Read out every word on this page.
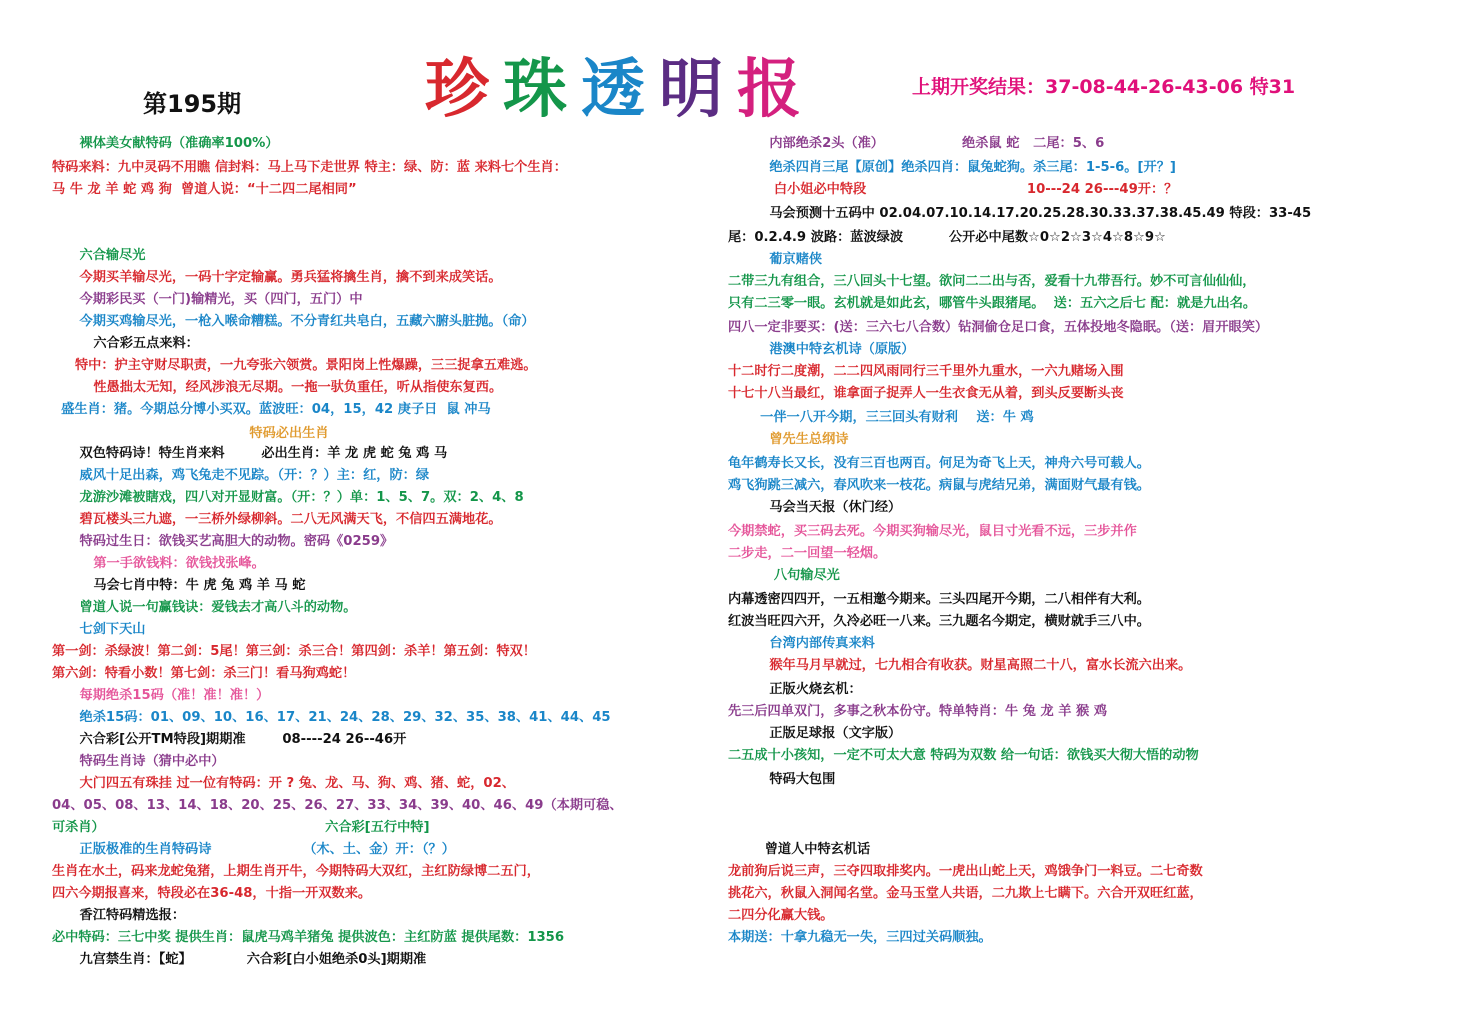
珍 珠 透 明 报
第195期
上期开奖结果：37-08-44-26-43-06 特31
裸体美女献特码（准确率100%）
特码来料：九中灵码不用瞧 信封料：马上马下走世界 特主：绿、防：蓝 来料七个生肖：
马 牛 龙 羊 蛇 鸡 狗  曾道人说：“十二四二尾相同”
六合输尽光
今期买羊输尽光，一码十字定输赢。勇兵猛将擒生肖，擒不到来成笑话。
今期彩民买（一门)输精光，买（四门，五门）中
今期买鸡输尽光，一枪入喉命糟糕。不分青红共皂白，五藏六腑头脏抛。（命）
六合彩五点来料：
特中：护主守财尽职责，一九夸张六领赏。景阳岗上性爆躁，三三捉拿五难逃。
性愚拙太无知，经风涉浪无尽期。一拖一驮负重任，听从指使东复西。
盛生肖：猪。今期总分博小买双。蓝波旺：04，15，42 庚子日  鼠 冲马
特码必出生肖
双色特码诗！特生肖来料        必出生肖：羊 龙 虎 蛇 兔 鸡 马
威风十足出森，鸡飞兔走不见踪。（开：？）主：红，防：绿
龙游沙滩被瞎戏，四八对开显财富。（开：？）单：1、5、7。双：2、4、8
碧瓦楼头三九遮，一三桥外绿柳斜。二八无风满天飞，不信四五满地花。
特码过生日：欲钱买艺高胆大的动物。密码《0259》
第一手欲钱料：欲钱找张峰。
马会七肖中特：牛 虎 兔 鸡 羊 马 蛇
曾道人说一句赢钱诀：爱钱去才高八斗的动物。
七剑下天山
第一剑：杀绿波！第二剑：5尾！第三剑：杀三合！第四剑：杀羊！第五剑：特双！
第六剑：特看小数！第七剑：杀三门！看马狗鸡蛇！
每期绝杀15码（准！准！准！）
绝杀15码：01、09、10、16、17、21、24、28、29、32、35、38、41、44、45
六合彩[公开TM特段]期期准        08----24 26--46开
特码生肖诗（猜中必中）
大门四五有珠挂 过一位有特码：开 ? 兔、龙、马、狗、鸡、猪、蛇，02、
04、05、08、13、14、18、20、25、26、27、33、34、39、40、46、49（本期可稳、
可杀肖）                                                六合彩[五行中特]
正版极准的生肖特码诗                    （木、土、金）开：（？）
生肖在水土，码来龙蛇兔猪，上期生肖开牛，今期特码大双红，主红防绿博二五门，
四六今期报喜来，特段必在36-48，十指一开双数来。
香江特码精选报：
必中特码：三七中奖 提供生肖：鼠虎马鸡羊猪兔 提供波色：主红防蓝 提供尾数：1356
九宫禁生肖：【蛇】            六合彩[白小姐绝杀0头]期期准
内部绝杀2头（准）                 绝杀鼠 蛇   二尾：5、6
绝杀四肖三尾【原创】绝杀四肖：鼠兔蛇狗。杀三尾：1-5-6。[开？]
白小姐必中特段                                   10---24 26---49开：？
马会预测十五码中 02.04.07.10.14.17.20.25.28.30.33.37.38.45.49 特段：33-45
尾：0.2.4.9 波路：蓝波绿波          公开必中尾数☆0☆2☆3☆4☆8☆9☆
葡京赌侠
二带三九有组合，三八回头十七望。欲问二二出与否，爱看十九带吾行。妙不可言仙仙仙，
只有二三零一眼。玄机就是如此玄，哪管牛头跟猪尾。  送：五六之后七 配：就是九出名。
四八一定非要买：(送：三六七八合数）钻洞偷仓足口食，五体投地冬隐眠。（送：眉开眼笑）
港澳中特玄机诗（原版）
十二时行二度潮，二二四风雨同行三千里外九重水，一六九赌场入围
十七十八当最红，谁拿面子捉弄人一生衣食无从着，到头反要断头丧
一伴一八开今期，三三回头有财利    送：牛 鸡
曾先生总纲诗
龟年鹤寿长又长，没有三百也两百。何足为奇飞上天，神舟六号可载人。
鸡飞狗跳三减六，春风吹来一枝花。病鼠与虎结兄弟，满面财气最有钱。
马会当天报（休门经）
今期禁蛇，买三码去死。今期买狗输尽光，鼠目寸光看不远，三步并作
二步走，二一回望一轻烟。
八句输尽光
内幕透密四四开，一五相邀今期来。三头四尾开今期，二八相伴有大利。
红波当旺四六开，久冷必旺一八来。三九题名今期定，横财就手三八中。
台湾内部传真来料
猴年马月早就过，七九相合有收获。财星高照二十八，富水长流六出来。
正版火烧玄机：
先三后四单双门，多事之秋本份守。特单特肖：牛 兔 龙 羊 猴 鸡
正版足球报（文字版）
二五成十小孩知，一定不可太大意 特码为双数 给一句话：欲钱买大彻大悟的动物
特码大包围
曾道人中特玄机话
龙前狗后说三声，三夺四取排奖内。一虎出山蛇上天，鸡饿争门一料豆。二七奇数
挑花六，秋鼠入洞闻名堂。金马玉堂人共语，二九欺上七瞒下。六合开双旺红蓝，
二四分化赢大钱。
本期送：十拿九稳无一失，三四过关码顺独。
